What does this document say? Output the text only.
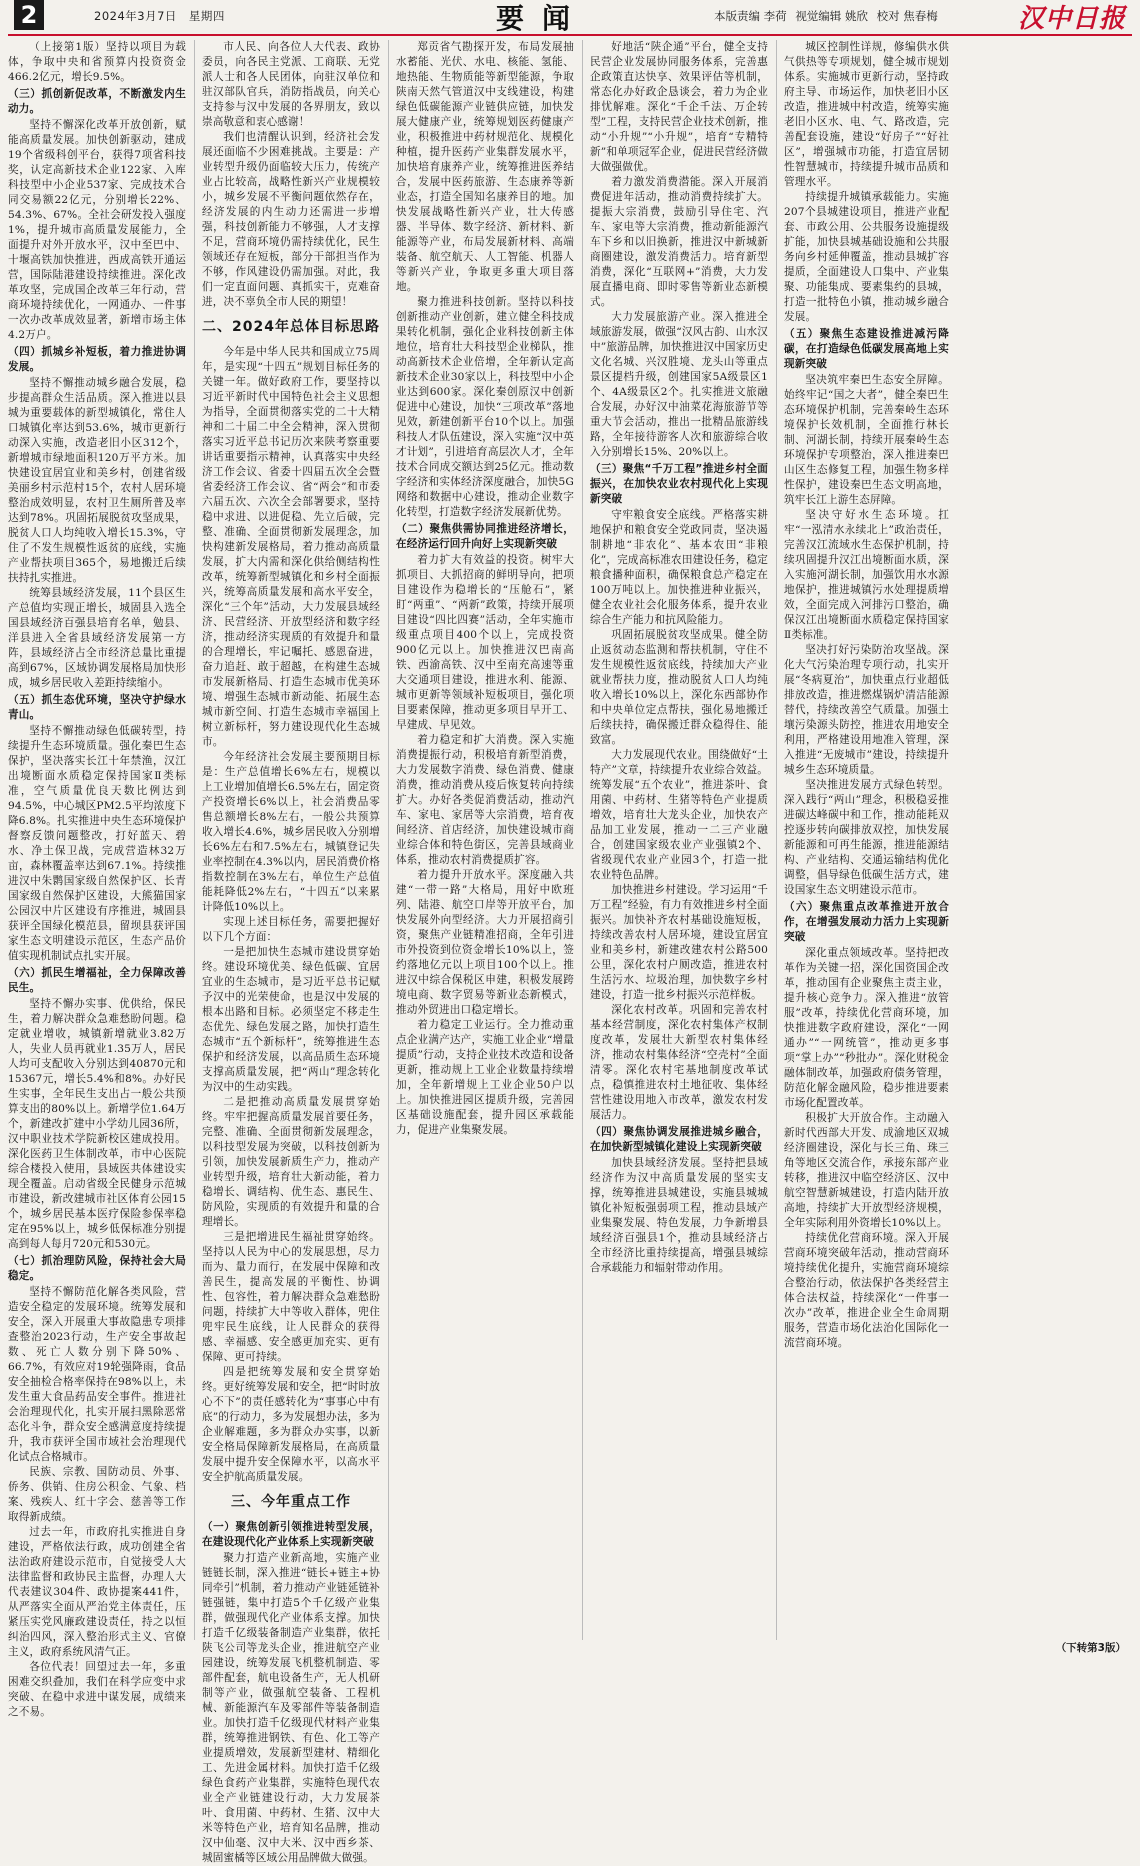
2	2024年3月7日　星期四	要闻	本版责编 李荷 视觉编辑 姚欣 校对 焦春梅	汉中日报

（上接第1版）坚持以项目为载体，争取中央和省预算内投资资金466.2亿元，增长9.5%。

（三）抓创新促改革，不断激发内生动力。

坚持不懈深化改革开放创新，赋能高质量发展。加快创新驱动，建成19个省级科创平台，获得7项省科技奖，认定高新技术企业122家、入库科技型中小企业537家、完成技术合同交易额22亿元，分别增长22%、54.3%、67%。全社会研发投入强度1%，提升城市高质量发展能力，全面提升对外开放水平，汉中至巴中、十堰高铁加快推进，西成高铁开通运营，国际陆港建设持续推进。深化改革攻坚，完成国企改革三年行动，营商环境持续优化，一网通办、一件事一次办改革成效显著，新增市场主体4.2万户。

（四）抓城乡补短板，着力推进协调发展。

坚持不懈推动城乡融合发展，稳步提高群众生活品质。深入推进以县城为重要载体的新型城镇化，常住人口城镇化率达到53.6%，城市更新行动深入实施，改造老旧小区312个，新增城市绿地面积120万平方米。加快建设宜居宜业和美乡村，创建省级美丽乡村示范村15个，农村人居环境整治成效明显，农村卫生厕所普及率达到78%。巩固拓展脱贫攻坚成果，脱贫人口人均纯收入增长15.3%，守住了不发生规模性返贫的底线，实施产业帮扶项目365个，易地搬迁后续扶持扎实推进。

统筹县域经济发展，11个县区生产总值均实现正增长，城固县入选全国县域经济百强县培育名单，勉县、洋县进入全省县域经济发展第一方阵，县域经济占全市经济总量比重提高到67%，区域协调发展格局加快形成，城乡居民收入差距持续缩小。

（五）抓生态优环境，坚决守护绿水青山。

坚持不懈推动绿色低碳转型，持续提升生态环境质量。强化秦巴生态保护，坚决落实长江十年禁渔，汉江出境断面水质稳定保持国家Ⅱ类标准，空气质量优良天数比例达到94.5%，中心城区PM2.5平均浓度下降6.8%。扎实推进中央生态环境保护督察反馈问题整改，打好蓝天、碧水、净土保卫战，完成营造林32万亩，森林覆盖率达到67.1%。持续推进汉中朱鹮国家级自然保护区、长青国家级自然保护区建设，大熊猫国家公园汉中片区建设有序推进，城固县获评全国绿化模范县，留坝县获评国家生态文明建设示范区，生态产品价值实现机制试点扎实开展。

（六）抓民生增福祉，全力保障改善民生。

坚持不懈办实事、优供给，保民生，着力解决群众急难愁盼问题。稳定就业增收，城镇新增就业3.82万人，失业人员再就业1.35万人，居民人均可支配收入分别达到40870元和15367元，增长5.4%和8%。办好民生实事，全年民生支出占一般公共预算支出的80%以上。新增学位1.64万个，新建改扩建中小学幼儿园36所，汉中职业技术学院新校区建成投用。深化医药卫生体制改革，市中心医院综合楼投入使用，县域医共体建设实现全覆盖。启动省级全民健身示范城市建设，新改建城市社区体育公园15个，城乡居民基本医疗保险参保率稳定在95%以上，城乡低保标准分别提高到每人每月720元和530元。

（七）抓治理防风险，保持社会大局稳定。

坚持不懈防范化解各类风险，营造安全稳定的发展环境。统筹发展和安全，深入开展重大事故隐患专项排查整治2023行动，生产安全事故起数、死亡人数分别下降50%、66.7%，有效应对19轮强降雨，食品安全抽检合格率保持在98%以上，未发生重大食品药品安全事件。推进社会治理现代化，扎实开展扫黑除恶常态化斗争，群众安全感满意度持续提升，我市获评全国市域社会治理现代化试点合格城市。

民族、宗教、国防动员、外事、侨务、供销、住房公积金、气象、档案、残疾人、红十字会、慈善等工作取得新成绩。

过去一年，市政府扎实推进自身建设，严格依法行政，成功创建全省法治政府建设示范市，自觉接受人大法律监督和政协民主监督，办理人大代表建议304件、政协提案441件，从严落实全面从严治党主体责任，压紧压实党风廉政建设责任，持之以恒纠治四风，深入整治形式主义、官僚主义，政府系统风清气正。

各位代表！回望过去一年，多重困难交织叠加，我们在科学应变中求突破、在稳中求进中谋发展，成绩来之不易。

市人民、向各位人大代表、政协委员，向各民主党派、工商联、无党派人士和各人民团体，向驻汉单位和驻汉部队官兵，消防指战员，向关心支持参与汉中发展的各界朋友，致以崇高敬意和衷心感谢！

我们也清醒认识到，经济社会发展还面临不少困难挑战。主要是：产业转型升级仍面临较大压力，传统产业占比较高，战略性新兴产业规模较小，城乡发展不平衡问题依然存在，经济发展的内生动力还需进一步增强，科技创新能力不够强，人才支撑不足，营商环境仍需持续优化，民生领域还存在短板，部分干部担当作为不够，作风建设仍需加强。对此，我们一定直面问题、真抓实干，克难奋进，决不辜负全市人民的期望！

二、2024年总体目标思路

今年是中华人民共和国成立75周年，是实现“十四五”规划目标任务的关键一年。做好政府工作，要坚持以习近平新时代中国特色社会主义思想为指导，全面贯彻落实党的二十大精神和二十届二中全会精神，深入贯彻落实习近平总书记历次来陕考察重要讲话重要指示精神，认真落实中央经济工作会议、省委十四届五次全会暨省委经济工作会议、省“两会”和市委六届五次、六次全会部署要求，坚持稳中求进、以进促稳、先立后破，完整、准确、全面贯彻新发展理念，加快构建新发展格局，着力推动高质量发展，扩大内需和深化供给侧结构性改革，统筹新型城镇化和乡村全面振兴，统筹高质量发展和高水平安全，深化“三个年”活动，大力发展县域经济、民营经济、开放型经济和数字经济，推动经济实现质的有效提升和量的合理增长，牢记嘱托、感恩奋进，奋力追赶、敢于超越，在构建生态城市发展新格局、打造生态城市优美环境、增强生态城市新动能、拓展生态城市新空间、打造生态城市幸福国上树立新标杆，努力建设现代化生态城市。

今年经济社会发展主要预期目标是：生产总值增长6%左右，规模以上工业增加值增长6.5%左右，固定资产投资增长6%以上，社会消费品零售总额增长8%左右，一般公共预算收入增长4.6%，城乡居民收入分别增长6%左右和7.5%左右，城镇登记失业率控制在4.3%以内，居民消费价格指数控制在3%左右，单位生产总值能耗降低2%左右，“十四五”以来累计降低10%以上。

实现上述目标任务，需要把握好以下几个方面：

一是把加快生态城市建设贯穿始终。建设环境优美、绿色低碳、宜居宜业的生态城市，是习近平总书记赋予汉中的光荣使命，也是汉中发展的根本出路和目标。必须坚定不移走生态优先、绿色发展之路，加快打造生态城市“五个新标杆”，统筹推进生态保护和经济发展，以高品质生态环境支撑高质量发展，把“两山”理念转化为汉中的生动实践。

二是把推动高质量发展贯穿始终。牢牢把握高质量发展首要任务，完整、准确、全面贯彻新发展理念，以科技型发展为突破，以科技创新为引领，加快发展新质生产力，推动产业转型升级，培育壮大新动能，着力稳增长、调结构、优生态、惠民生、防风险，实现质的有效提升和量的合理增长。

三是把增进民生福祉贯穿始终。坚持以人民为中心的发展思想，尽力而为、量力而行，在发展中保障和改善民生，提高发展的平衡性、协调性、包容性，着力解决群众急难愁盼问题，持续扩大中等收入群体，兜住兜牢民生底线，让人民群众的获得感、幸福感、安全感更加充实、更有保障、更可持续。

四是把统筹发展和安全贯穿始终。更好统筹发展和安全，把“时时放心不下”的责任感转化为“事事心中有底”的行动力，多为发展想办法，多为企业解难题，多为群众办实事，以新安全格局保障新发展格局，在高质量发展中提升安全保障水平，以高水平安全护航高质量发展。

三、今年重点工作
（一）聚焦创新引领推进转型发展，在建设现代化产业体系上实现新突破

聚力打造产业新高地，实施产业链链长制，深入推进“链长+链主+协同牵引”机制，着力推动产业链延链补链强链，集中打造5个千亿级产业集群，做强现代化产业体系支撑。加快打造千亿级装备制造产业集群，依托陕飞公司等龙头企业，推进航空产业园建设，统筹发展飞机整机制造、零部件配套，航电设备生产，无人机研制等产业，做强航空装备、工程机械、新能源汽车及零部件等装备制造业。加快打造千亿级现代材料产业集群，统筹推进钢铁、有色、化工等产业提质增效，发展新型建材、精细化工、先进金属材料。加快打造千亿级绿色食药产业集群，实施特色现代农业全产业链建设行动，大力发展茶叶、食用菌、中药材、生猪、汉中大米等特色产业，培育知名品牌，推动汉中仙毫、汉中大米、汉中西乡茶、城固蜜橘等区域公用品牌做大做强。

郑贡省气勘探开发，布局发展抽水蓄能、光伏、水电、核能、氢能、地热能、生物质能等新型能源，争取陕南天然气管道汉中支线建设，构建绿色低碳能源产业链供应链，加快发展大健康产业，统筹规划医药健康产业，积极推进中药材规范化、规模化种植，提升医药产业集群发展水平，加快培育康养产业，统筹推进医养结合，发展中医药旅游、生态康养等新业态，打造全国知名康养目的地。加快发展战略性新兴产业，壮大传感器、半导体、数字经济、新材料、新能源等产业，布局发展新材料、高端装备、航空航天、人工智能、机器人等新兴产业，争取更多重大项目落地。

聚力推进科技创新。坚持以科技创新推动产业创新，建立健全科技成果转化机制，强化企业科技创新主体地位，培育壮大科技型企业梯队，推动高新技术企业倍增，全年新认定高新技术企业30家以上，科技型中小企业达到600家。深化秦创原汉中创新促进中心建设，加快“三项改革”落地见效，新建创新平台10个以上。加强科技人才队伍建设，深入实施“汉中英才计划”，引进培育高层次人才，全年技术合同成交额达到25亿元。推动数字经济和实体经济深度融合，加快5G网络和数据中心建设，推动企业数字化转型，打造数字经济发展新优势。

（二）聚焦供需协同推进经济增长，在经济运行回升向好上实现新突破

着力扩大有效益的投资。树牢大抓项目、大抓招商的鲜明导向，把项目建设作为稳增长的“压舱石”，紧盯“两重”、“两新”政策，持续开展项目建设“四比四赛”活动，全年实施市级重点项目400个以上，完成投资900亿元以上。加快推进汉巴南高铁、西渝高铁、汉中至南充高速等重大交通项目建设，推进水利、能源、城市更新等领域补短板项目，强化项目要素保障，推动更多项目早开工、早建成、早见效。

着力稳定和扩大消费。深入实施消费提振行动，积极培育新型消费，大力发展数字消费、绿色消费、健康消费，推动消费从疫后恢复转向持续扩大。办好各类促消费活动，推动汽车、家电、家居等大宗消费，培育夜间经济、首店经济，加快建设城市商业综合体和特色街区，完善县域商业体系，推动农村消费提质扩容。

着力提升开放水平。深度融入共建“一带一路”大格局，用好中欧班列、陆港、航空口岸等开放平台，加快发展外向型经济。大力开展招商引资，聚焦产业链精准招商，全年引进市外投资到位资金增长10%以上，签约落地亿元以上项目100个以上。推进汉中综合保税区申建，积极发展跨境电商、数字贸易等新业态新模式，推动外贸进出口稳定增长。

着力稳定工业运行。全力推动重点企业满产达产，实施工业企业“增量提质”行动，支持企业技术改造和设备更新，推动规上工业企业数量持续增加，全年新增规上工业企业50户以上。加快推进园区提质升级，完善园区基础设施配套，提升园区承载能力，促进产业集聚发展。

好地活“陕企通”平台，健全支持民营企业发展协同服务体系，完善惠企政策直达快享、效果评估等机制，常态化办好政企恳谈会，着力为企业排忧解难。深化“千企千法、万企转型”工程，支持民营企业技术创新，推动“小升规”“小升规”，培育“专精特新”和单项冠军企业，促进民营经济做大做强做优。

着力激发消费潜能。深入开展消费促进年活动，推动消费持续扩大。提振大宗消费，鼓励引导住宅、汽车、家电等大宗消费，推动新能源汽车下乡和以旧换新，推进汉中新城新商圈建设，激发消费活力。培育新型消费，深化“互联网+”消费，大力发展直播电商、即时零售等新业态新模式。

大力发展旅游产业。深入推进全域旅游发展，做强“汉风古韵、山水汉中”旅游品牌，加快推进汉中国家历史文化名城、兴汉胜境、龙头山等重点景区提档升级，创建国家5A级景区1个、4A级景区2个。扎实推进文旅融合发展，办好汉中油菜花海旅游节等重大节会活动，推出一批精品旅游线路，全年接待游客人次和旅游综合收入分别增长15%、20%以上。

（三）聚焦“千万工程”推进乡村全面振兴，在加快农业农村现代化上实现新突破

守牢粮食安全底线。严格落实耕地保护和粮食安全党政同责，坚决遏制耕地“非农化”、基本农田“非粮化”，完成高标准农田建设任务，稳定粮食播种面积，确保粮食总产稳定在100万吨以上。加快推进种业振兴，健全农业社会化服务体系，提升农业综合生产能力和抗风险能力。

巩固拓展脱贫攻坚成果。健全防止返贫动态监测和帮扶机制，守住不发生规模性返贫底线，持续加大产业就业帮扶力度，推动脱贫人口人均纯收入增长10%以上，深化东西部协作和中央单位定点帮扶，强化易地搬迁后续扶持，确保搬迁群众稳得住、能致富。

大力发展现代农业。围绕做好“土特产”文章，持续提升农业综合效益。统筹发展“五个农业”，推进茶叶、食用菌、中药材、生猪等特色产业提质增效，培育壮大龙头企业，加快农产品加工业发展，推动一二三产业融合，创建国家级农业产业强镇2个、省级现代农业产业园3个，打造一批农业特色品牌。

加快推进乡村建设。学习运用“千万工程”经验，有力有效推进乡村全面振兴。加快补齐农村基础设施短板，持续改善农村人居环境，建设宜居宜业和美乡村，新建改建农村公路500公里，深化农村户厕改造，推进农村生活污水、垃圾治理，加快数字乡村建设，打造一批乡村振兴示范样板。

深化农村改革。巩固和完善农村基本经营制度，深化农村集体产权制度改革，发展壮大新型农村集体经济，推动农村集体经济“空壳村”全面清零。深化农村宅基地制度改革试点，稳慎推进农村土地征收、集体经营性建设用地入市改革，激发农村发展活力。

（四）聚焦协调发展推进城乡融合，在加快新型城镇化建设上实现新突破

加快县域经济发展。坚持把县域经济作为汉中高质量发展的坚实支撑，统筹推进县城建设，实施县城城镇化补短板强弱项工程，推动县域产业集聚发展、特色发展，力争新增县域经济百强县1个，推动县域经济占全市经济比重持续提高，增强县城综合承载能力和辐射带动作用。

城区控制性详规，修编供水供气供热等专项规划，健全城市规划体系。实施城市更新行动，坚持政府主导、市场运作，加快老旧小区改造，推进城中村改造，统筹实施老旧小区水、电、气、路改造，完善配套设施，建设“好房子”“好社区”，增强城市功能，打造宜居韧性智慧城市，持续提升城市品质和管理水平。

持续提升城镇承载能力。实施207个县城建设项目，推进产业配套、市政公用、公共服务设施提级扩能，加快县城基础设施和公共服务向乡村延伸覆盖，推动县城扩容提质，全面建设人口集中、产业集聚、功能集成、要素集约的县城，打造一批特色小镇，推动城乡融合发展。

（五）聚焦生态建设推进减污降碳，在打造绿色低碳发展高地上实现新突破

坚决筑牢秦巴生态安全屏障。始终牢记“国之大者”，健全秦巴生态环境保护机制，完善秦岭生态环境保护长效机制，全面推行林长制、河湖长制，持续开展秦岭生态环境保护专项整治，深入推进秦巴山区生态修复工程，加强生物多样性保护，建设秦巴生态文明高地，筑牢长江上游生态屏障。

坚决守好水生态环境。扛牢“一泓清水永续北上”政治责任，完善汉江流域水生态保护机制，持续巩固提升汉江出境断面水质，深入实施河湖长制，加强饮用水水源地保护，推进城镇污水处理提质增效，全面完成入河排污口整治，确保汉江出境断面水质稳定保持国家Ⅱ类标准。

坚决打好污染防治攻坚战。深化大气污染治理专项行动，扎实开展“冬病夏治”，加快重点行业超低排放改造，推进燃煤锅炉清洁能源替代，持续改善空气质量。加强土壤污染源头防控，推进农用地安全利用，严格建设用地准入管理，深入推进“无废城市”建设，持续提升城乡生态环境质量。

坚决推进发展方式绿色转型。深入践行“两山”理念，积极稳妥推进碳达峰碳中和工作，推动能耗双控逐步转向碳排放双控，加快发展新能源和可再生能源，推进能源结构、产业结构、交通运输结构优化调整，倡导绿色低碳生活方式，建设国家生态文明建设示范市。

（六）聚焦重点改革推进开放合作，在增强发展动力活力上实现新突破

深化重点领域改革。坚持把改革作为关键一招，深化国资国企改革，推动国有企业聚焦主责主业，提升核心竞争力。深入推进“放管服”改革，持续优化营商环境，加快推进数字政府建设，深化“一网通办”“一网统管”，推动更多事项“掌上办”“秒批办”。深化财税金融体制改革，加强政府债务管理，防范化解金融风险，稳步推进要素市场化配置改革。

积极扩大开放合作。主动融入新时代西部大开发、成渝地区双城经济圈建设，深化与长三角、珠三角等地区交流合作，承接东部产业转移，推进汉中临空经济区、汉中航空智慧新城建设，打造内陆开放高地，持续扩大开放型经济规模，全年实际利用外资增长10%以上。

持续优化营商环境。深入开展营商环境突破年活动，推动营商环境持续优化提升，实施营商环境综合整治行动，依法保护各类经营主体合法权益，持续深化“一件事一次办”改革，推进企业全生命周期服务，营造市场化法治化国际化一流营商环境。

（下转第3版）
